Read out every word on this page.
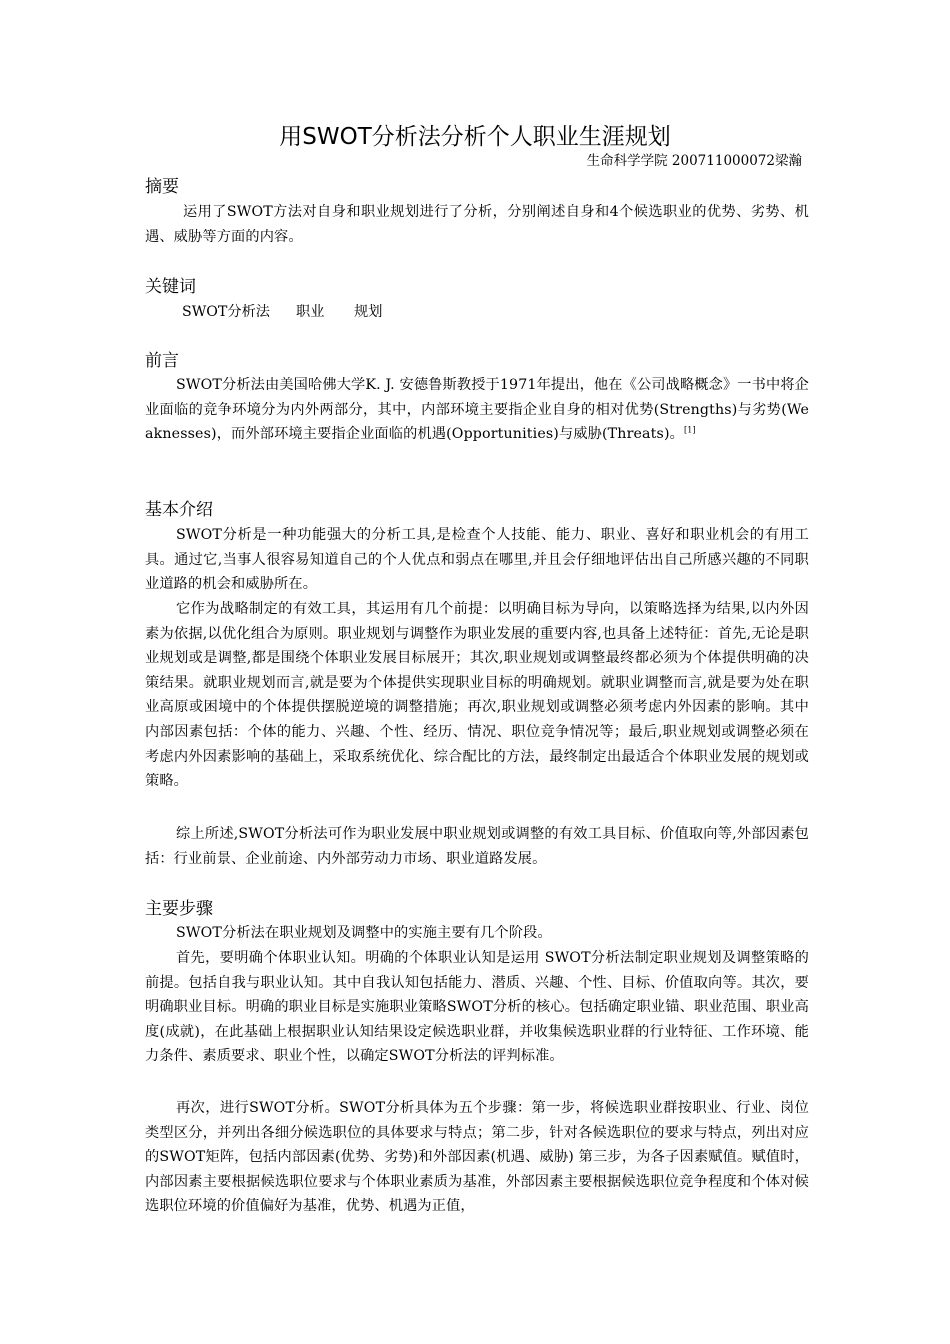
用SWOT分析法分析个人职业生涯规划
生命科学学院 200711000072梁瀚
摘要
运用了SWOT方法对自身和职业规划进行了分析，分别阐述自身和4个候选职业的优势、劣势、机遇、威胁等方面的内容。
关键词
SWOT分析法 职业 规划
前言
SWOT分析法由美国哈佛大学K. J. 安德鲁斯教授于1971年提出，他在《公司战略概念》一书中将企业面临的竞争环境分为内外两部分，其中，内部环境主要指企业自身的相对优势(Strengths)与劣势(Weaknesses)，而外部环境主要指企业面临的机遇(Opportunities)与威胁(Threats)。[1]
基本介绍
SWOT分析是一种功能强大的分析工具,是检查个人技能、能力、职业、喜好和职业机会的有用工具。通过它,当事人很容易知道自己的个人优点和弱点在哪里,并且会仔细地评估出自己所感兴趣的不同职业道路的机会和威胁所在。
它作为战略制定的有效工具，其运用有几个前提：以明确目标为导向，以策略选择为结果,以内外因素为依据,以优化组合为原则。职业规划与调整作为职业发展的重要内容,也具备上述特征：首先,无论是职业规划或是调整,都是围绕个体职业发展目标展开；其次,职业规划或调整最终都必须为个体提供明确的决策结果。就职业规划而言,就是要为个体提供实现职业目标的明确规划。就职业调整而言,就是要为处在职业高原或困境中的个体提供摆脱逆境的调整措施；再次,职业规划或调整必须考虑内外因素的影响。其中内部因素包括：个体的能力、兴趣、个性、经历、情况、职位竞争情况等；最后,职业规划或调整必须在考虑内外因素影响的基础上，采取系统优化、综合配比的方法，最终制定出最适合个体职业发展的规划或策略。
综上所述,SWOT分析法可作为职业发展中职业规划或调整的有效工具目标、价值取向等,外部因素包括：行业前景、企业前途、内外部劳动力市场、职业道路发展。
主要步骤
SWOT分析法在职业规划及调整中的实施主要有几个阶段。
首先，要明确个体职业认知。明确的个体职业认知是运用 SWOT分析法制定职业规划及调整策略的前提。包括自我与职业认知。其中自我认知包括能力、潜质、兴趣、个性、目标、价值取向等。其次，要明确职业目标。明确的职业目标是实施职业策略SWOT分析的核心。包括确定职业锚、职业范围、职业高度(成就)，在此基础上根据职业认知结果设定候选职业群，并收集候选职业群的行业特征、工作环境、能力条件、素质要求、职业个性，以确定SWOT分析法的评判标准。
再次，进行SWOT分析。SWOT分析具体为五个步骤：第一步，将候选职业群按职业、行业、岗位类型区分，并列出各细分候选职位的具体要求与特点；第二步，针对各候选职位的要求与特点，列出对应的SWOT矩阵，包括内部因素(优势、劣势)和外部因素(机遇、威胁) 第三步，为各子因素赋值。赋值时，内部因素主要根据候选职位要求与个体职业素质为基准，外部因素主要根据候选职位竞争程度和个体对候选职位环境的价值偏好为基准，优势、机遇为正值，
